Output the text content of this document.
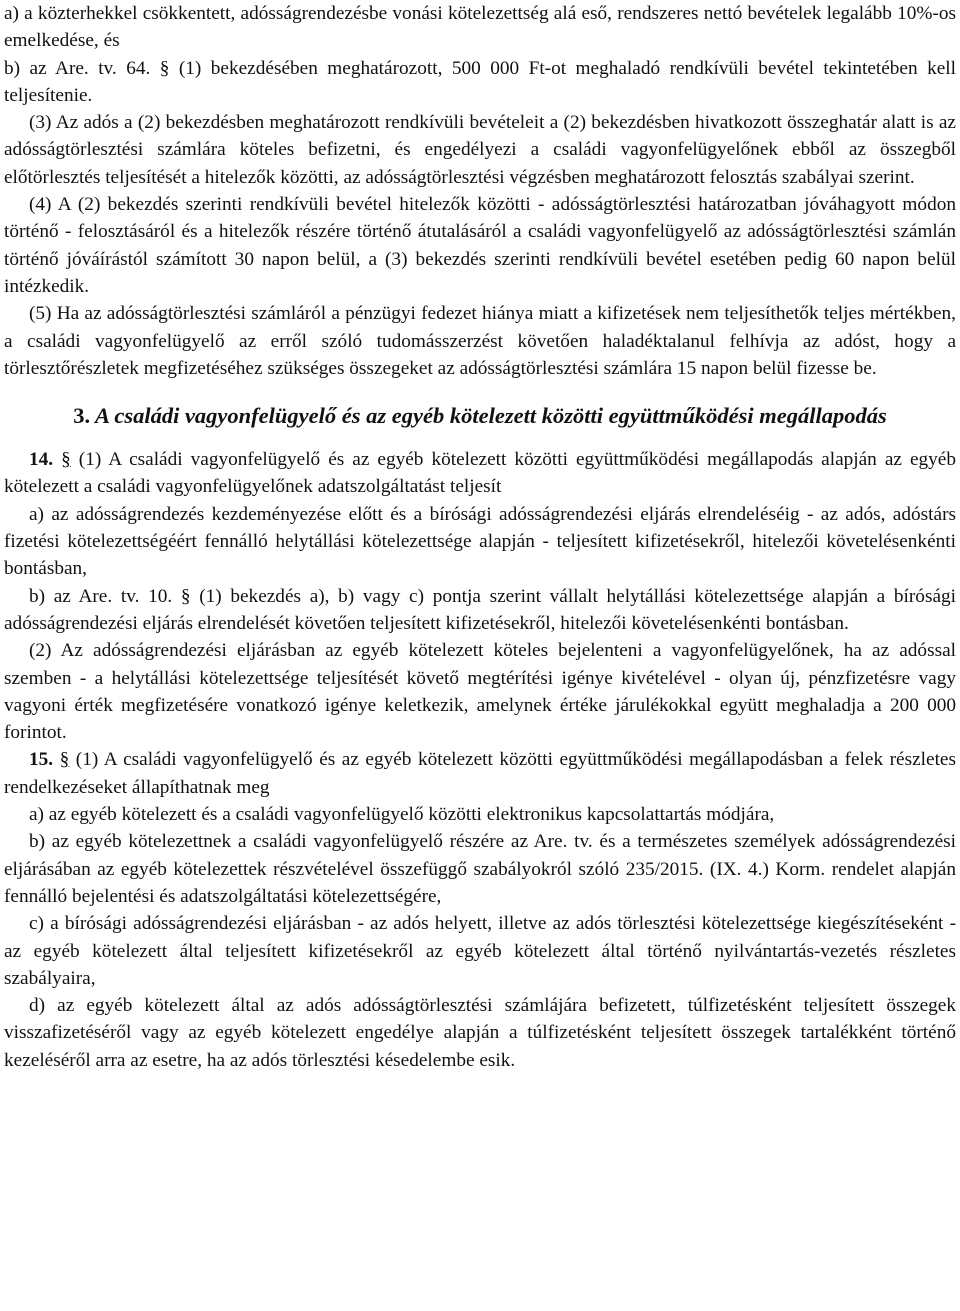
a) a közterhekkel csökkentett, adósságrendezésbe vonási kötelezettség alá eső, rendszeres nettó bevételek legalább 10%-os emelkedése, és

b) az Are. tv. 64. § (1) bekezdésében meghatározott, 500 000 Ft-ot meghaladó rendkívüli bevétel tekintetében kell teljesítenie.

(3) Az adós a (2) bekezdésben meghatározott rendkívüli bevételeit a (2) bekezdésben hivatkozott összeghatár alatt is az adósságtörlesztési számlára köteles befizetni, és engedélyezi a családi vagyonfelügyelőnek ebből az összegből előtörlesztés teljesítését a hitelezők közötti, az adósságtörlesztési végzésben meghatározott felosztás szabályai szerint.

(4) A (2) bekezdés szerinti rendkívüli bevétel hitelezők közötti - adósságtörlesztési határozatban jóváhagyott módon történő - felosztásáról és a hitelezők részére történő átutalásáról a családi vagyonfelügyelő az adósságtörlesztési számlán történő jóváírástól számított 30 napon belül, a (3) bekezdés szerinti rendkívüli bevétel esetében pedig 60 napon belül intézkedik.

(5) Ha az adósságtörlesztési számláról a pénzügyi fedezet hiánya miatt a kifizetések nem teljesíthetők teljes mértékben, a családi vagyonfelügyelő az erről szóló tudomásszerzést követően haladéktalanul felhívja az adóst, hogy a törlesztőrészletek megfizetéséhez szükséges összegeket az adósságtörlesztési számlára 15 napon belül fizesse be.

3. A családi vagyonfelügyelő és az egyéb kötelezett közötti együttműködési megállapodás

14. § (1) A családi vagyonfelügyelő és az egyéb kötelezett közötti együttműködési megállapodás alapján az egyéb kötelezett a családi vagyonfelügyelőnek adatszolgáltatást teljesít

a) az adósságrendezés kezdeményezése előtt és a bírósági adósságrendezési eljárás elrendeléséig - az adós, adóstárs fizetési kötelezettségéért fennálló helytállási kötelezettsége alapján - teljesített kifizetésekről, hitelezői követelésenkénti bontásban,

b) az Are. tv. 10. § (1) bekezdés a), b) vagy c) pontja szerint vállalt helytállási kötelezettsége alapján a bírósági adósságrendezési eljárás elrendelését követően teljesített kifizetésekről, hitelezői követelésenkénti bontásban.

(2) Az adósságrendezési eljárásban az egyéb kötelezett köteles bejelenteni a vagyonfelügyelőnek, ha az adóssal szemben - a helytállási kötelezettsége teljesítését követő megtérítési igénye kivételével - olyan új, pénzfizetésre vagy vagyoni érték megfizetésére vonatkozó igénye keletkezik, amelynek értéke járulékokkal együtt meghaladja a 200 000 forintot.

15. § (1) A családi vagyonfelügyelő és az egyéb kötelezett közötti együttműködési megállapodásban a felek részletes rendelkezéseket állapíthatnak meg

a) az egyéb kötelezett és a családi vagyonfelügyelő közötti elektronikus kapcsolattartás módjára,

b) az egyéb kötelezettnek a családi vagyonfelügyelő részére az Are. tv. és a természetes személyek adósságrendezési eljárásában az egyéb kötelezettek részvételével összefüggő szabályokról szóló 235/2015. (IX. 4.) Korm. rendelet alapján fennálló bejelentési és adatszolgáltatási kötelezettségére,

c) a bírósági adósságrendezési eljárásban - az adós helyett, illetve az adós törlesztési kötelezettsége kiegészítéseként - az egyéb kötelezett által teljesített kifizetésekről az egyéb kötelezett által történő nyilvántartás-vezetés részletes szabályaira,

d) az egyéb kötelezett által az adós adósságtörlesztési számlájára befizetett, túlfizetésként teljesített összegek visszafizetéséről vagy az egyéb kötelezett engedélye alapján a túlfizetésként teljesített összegek tartalékként történő kezeléséről arra az esetre, ha az adós törlesztési késedelembe esik.
